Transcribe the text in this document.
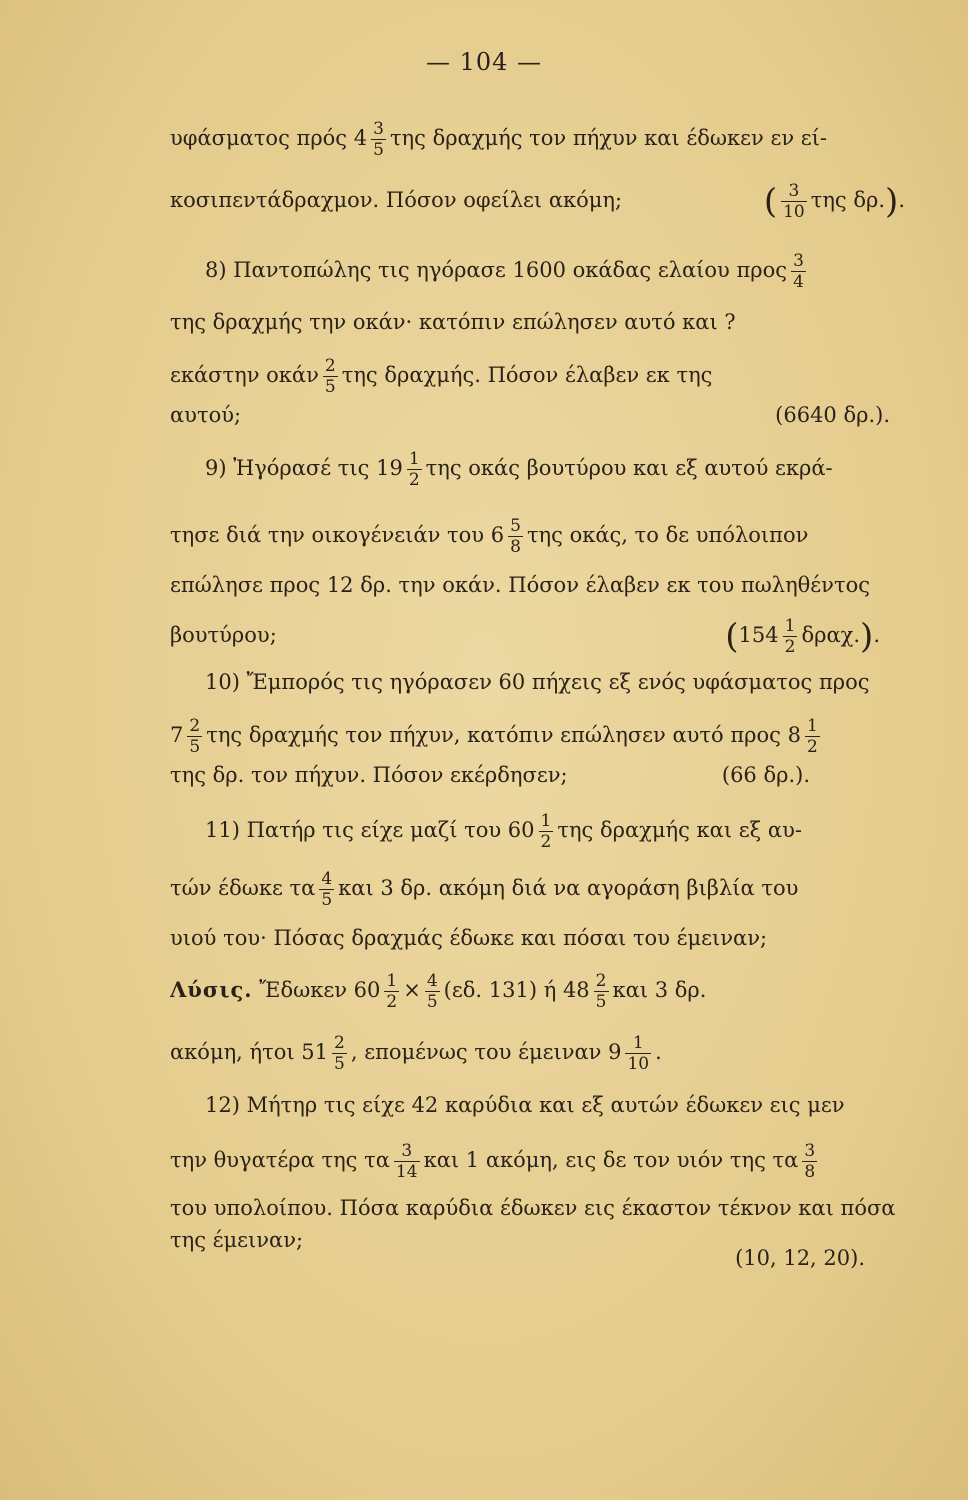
— 104 —
υφάσματος πρός $4 \frac{3}{5}$ της δραχμής τον πήχυν και έδωκεν εν εί-
κοσιπεντάδραχμον. Πόσον οφείλει ακόμη;	( $\frac{3}{10}$ της δρ.).
8) Παντοπώλης τις ηγόρασε 1600 οκάδας ελαίου προς $\frac{3}{4}$
της δραχμής την οκάν· κατόπιν επώλησεν αυτό και ?
εκάστην οκάν $\frac{2}{5}$ της δραχμής. Πόσον έλαβεν εκ της
αυτού;	(6640 δρ.).
9) Ἠγόρασέ τις $19 \frac{1}{2}$ της οκάς βουτύρου και εξ αυτού εκρά-
τησε διά την οικογένειάν του $6 \frac{5}{8}$ της οκάς, το δε υπόλοιπον
επώλησε προς 12 δρ. την οκάν. Πόσον έλαβεν εκ του πωληθέντος
βουτύρου;	$(154 \frac{1}{2} \delta\rho\alpha\chi.)$.
10) Ἔμπορός τις ηγόρασεν 60 πήχεις εξ ενός υφάσματος προς
$7 \frac{2}{5}$ της δραχμής τον πήχυν, κατόπιν επώλησεν αυτό προς $8 \frac{1}{2}$
της δρ. τον πήχυν. Πόσον εκέρδησεν;	(66 δρ.).
11) Πατήρ τις είχε μαζί του $60 \frac{1}{2}$ της δραχμής και εξ αυ-
τών έδωκε τα $\frac{4}{5}$ και 3 δρ. ακόμη διά να αγοράση βιβλία του
υιού του· Πόσας δραχμάς έδωκε και πόσαι του έμειναν;
Λύσις. Ἔδωκεν $60 \frac{1}{2} \times \frac{4}{5} (\varepsilon\delta$. 131) ή $48 \frac{2}{5}$ και 3 δρ.
ακόμη, ήτοι $51 \frac{2}{5}$ , επομένως του έμειναν $9 \frac{1}{10}$ .
12) Μήτηρ τις είχε 42 καρύδια και εξ αυτών έδωκεν εις μεν
την θυγατέρα της τα $\frac{3}{14}$ και 1 ακόμη, εις δε τον υιόν της τα $\frac{3}{8}$
του υπολοίπου. Πόσα καρύδια έδωκεν εις έκαστον τέκνον και πόσα
της έμειναν;
(10, 12, 20).
